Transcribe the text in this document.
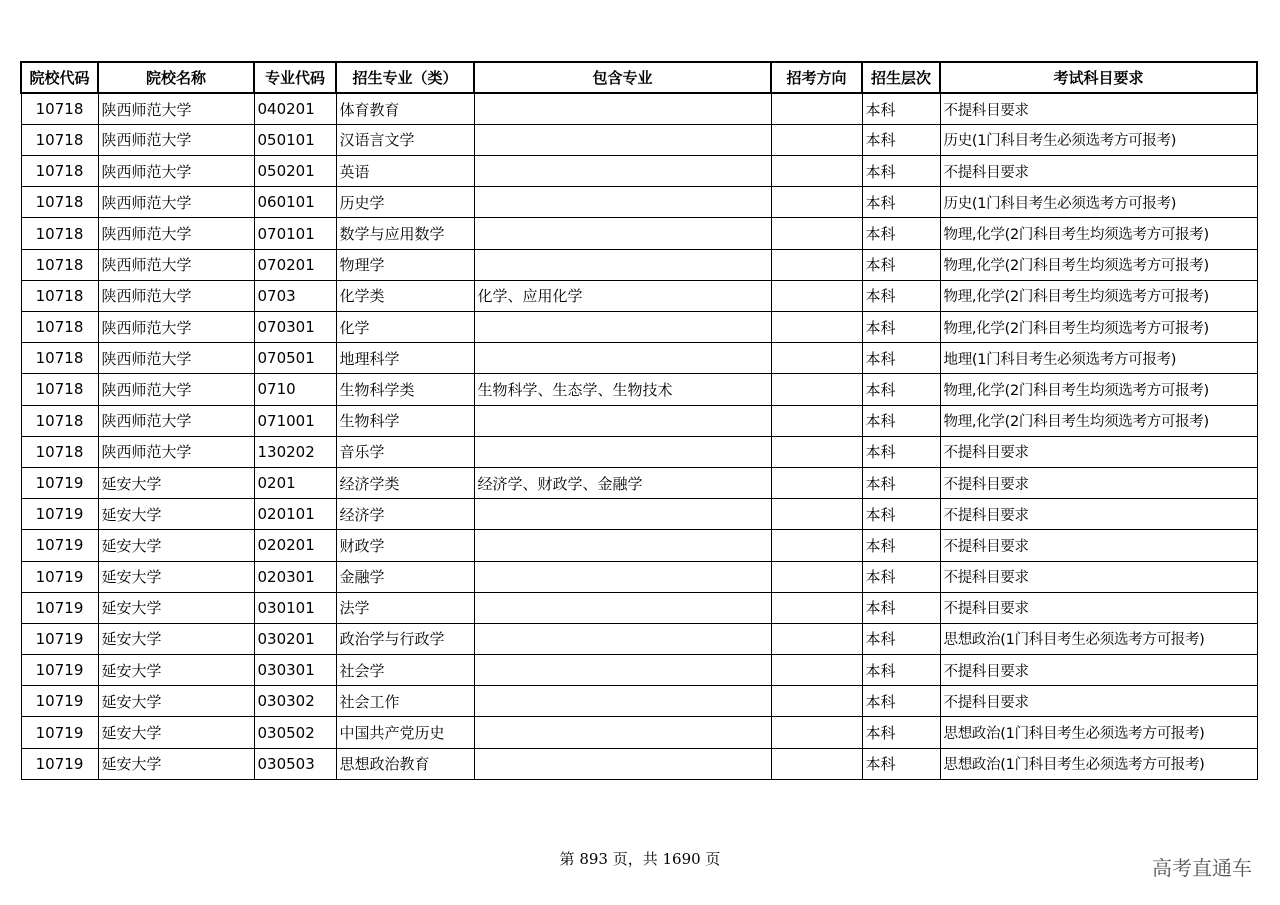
院校代码	院校名称	专业代码	招生专业（类）	包含专业	招考方向	招生层次	考试科目要求
10718	陕西师范大学	040201	体育教育			本科	不提科目要求
10718	陕西师范大学	050101	汉语言文学			本科	历史(1门科目考生必须选考方可报考)
10718	陕西师范大学	050201	英语			本科	不提科目要求
10718	陕西师范大学	060101	历史学			本科	历史(1门科目考生必须选考方可报考)
10718	陕西师范大学	070101	数学与应用数学			本科	物理,化学(2门科目考生均须选考方可报考)
10718	陕西师范大学	070201	物理学			本科	物理,化学(2门科目考生均须选考方可报考)
10718	陕西师范大学	0703	化学类	化学、应用化学		本科	物理,化学(2门科目考生均须选考方可报考)
10718	陕西师范大学	070301	化学			本科	物理,化学(2门科目考生均须选考方可报考)
10718	陕西师范大学	070501	地理科学			本科	地理(1门科目考生必须选考方可报考)
10718	陕西师范大学	0710	生物科学类	生物科学、生态学、生物技术		本科	物理,化学(2门科目考生均须选考方可报考)
10718	陕西师范大学	071001	生物科学			本科	物理,化学(2门科目考生均须选考方可报考)
10718	陕西师范大学	130202	音乐学			本科	不提科目要求
10719	延安大学	0201	经济学类	经济学、财政学、金融学		本科	不提科目要求
10719	延安大学	020101	经济学			本科	不提科目要求
10719	延安大学	020201	财政学			本科	不提科目要求
10719	延安大学	020301	金融学			本科	不提科目要求
10719	延安大学	030101	法学			本科	不提科目要求
10719	延安大学	030201	政治学与行政学			本科	思想政治(1门科目考生必须选考方可报考)
10719	延安大学	030301	社会学			本科	不提科目要求
10719	延安大学	030302	社会工作			本科	不提科目要求
10719	延安大学	030502	中国共产党历史			本科	思想政治(1门科目考生必须选考方可报考)
10719	延安大学	030503	思想政治教育			本科	思想政治(1门科目考生必须选考方可报考)
第 893 页，共 1690 页	高考直通车
